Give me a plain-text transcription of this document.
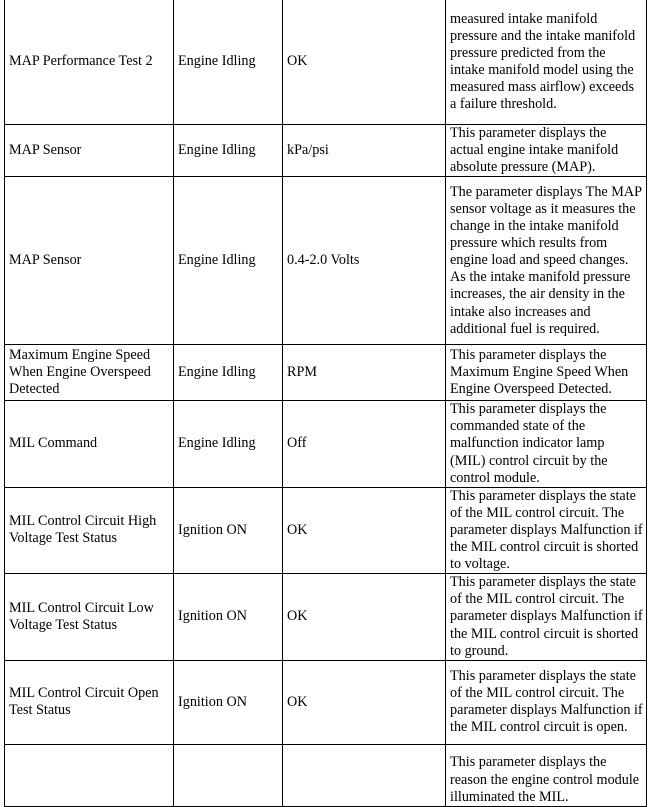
MAP Performance Test 2	Engine Idling	OK	measured intake manifold pressure and the intake manifold pressure predicted from the intake manifold model using the measured mass airflow) exceeds a failure threshold.
MAP Sensor	Engine Idling	kPa/psi	This parameter displays the actual engine intake manifold absolute pressure (MAP).
MAP Sensor	Engine Idling	0.4-2.0 Volts	The parameter displays The MAP sensor voltage as it measures the change in the intake manifold pressure which results from engine load and speed changes. As the intake manifold pressure increases, the air density in the intake also increases and additional fuel is required.
Maximum Engine Speed When Engine Overspeed Detected	Engine Idling	RPM	This parameter displays the Maximum Engine Speed When Engine Overspeed Detected.
MIL Command	Engine Idling	Off	This parameter displays the commanded state of the malfunction indicator lamp (MIL) control circuit by the control module.
MIL Control Circuit High Voltage Test Status	Ignition ON	OK	This parameter displays the state of the MIL control circuit. The parameter displays Malfunction if the MIL control circuit is shorted to voltage.
MIL Control Circuit Low Voltage Test Status	Ignition ON	OK	This parameter displays the state of the MIL control circuit. The parameter displays Malfunction if the MIL control circuit is shorted to ground.
MIL Control Circuit Open Test Status	Ignition ON	OK	This parameter displays the state of the MIL control circuit. The parameter displays Malfunction if the MIL control circuit is open.
			This parameter displays the reason the engine control module illuminated the MIL.
